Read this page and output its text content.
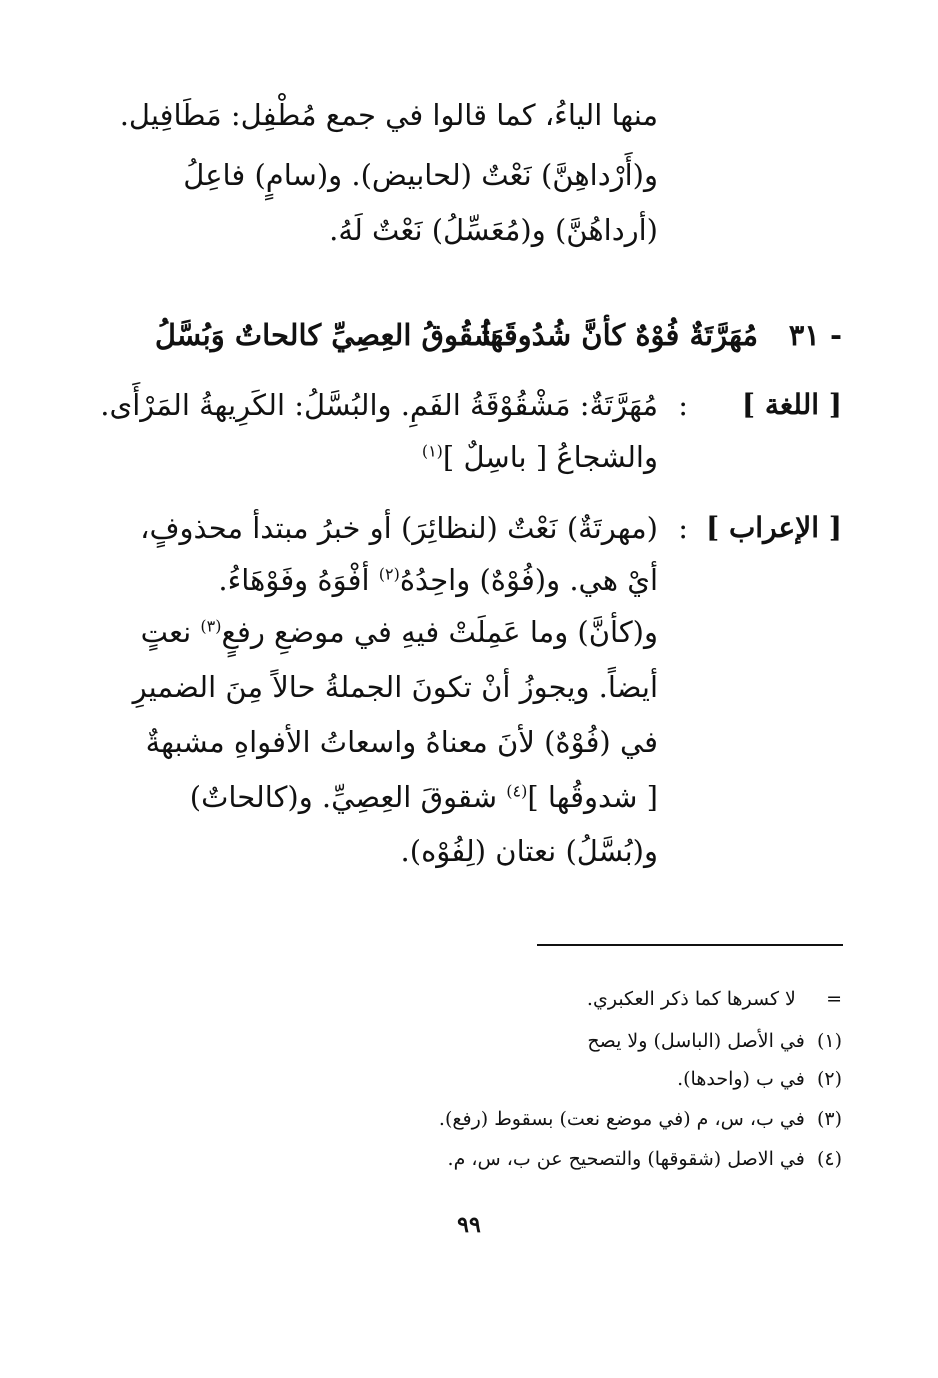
منها الياءُ، كما قالوا في جمع مُطْفِل: مَطَافِيل.
و(أَرْداهِنَّ) نَعْتٌ (لحابيض). و(سامٍ) فاعِلُ
(أرداهُنَّ) و(مُعَسِّلُ) نَعْتٌ لَهُ.
٣١ -
مُهَرَّتَةٌ فُوْهٌ كأنَّ شُدُوقَهَا
شُقُوقُ العِصِيِّ كالحاتٌ وَبُسَّلُ
[ اللغة ]
:
مُهَرَّتَةٌ: مَشْقُوْقَةُ الفَمِ. والبُسَّلُ: الكَرِيهةُ المَرْأَى.
والشجاعُ [ باسِلٌ ]$^{(١)}$
[ الإعراب ]
:
(مهرتَةٌ) نَعْتٌ (لنظائِرَ) أو خبرُ مبتدأ محذوفٍ،
أيْ هي. و(فُوْهٌ) واحِدُهُ$^{(٢)}$ أفْوَهُ وفَوْهَاءُ.
و(كأنَّ) وما عَمِلَتْ فيهِ في موضعِ رفعٍ$^{(٣)}$ نعتٍ
أيضاً. ويجوزُ أنْ تكونَ الجملةُ حالاً مِنَ الضميرِ
في (فُوْهٌ) لأنَ معناهُ واسعاتُ الأفواهِ مشبهةٌ
[ شدوقُها ]$^{(٤)}$ شقوقَ العِصِيِّ. و(كالحاتٌ)
و(بُسَّلُ) نعتان (لِفُوْه).
=     لا كسرها كما ذكر العكبري.
(١)  في الأصل (الباسل) ولا يصح
(٢)  في ب (واحدها).
(٣)  في ب، س، م (في موضع نعت) بسقوط (رفع).
(٤)  في الاصل (شقوقها) والتصحيح عن ب، س، م.
٩٩
